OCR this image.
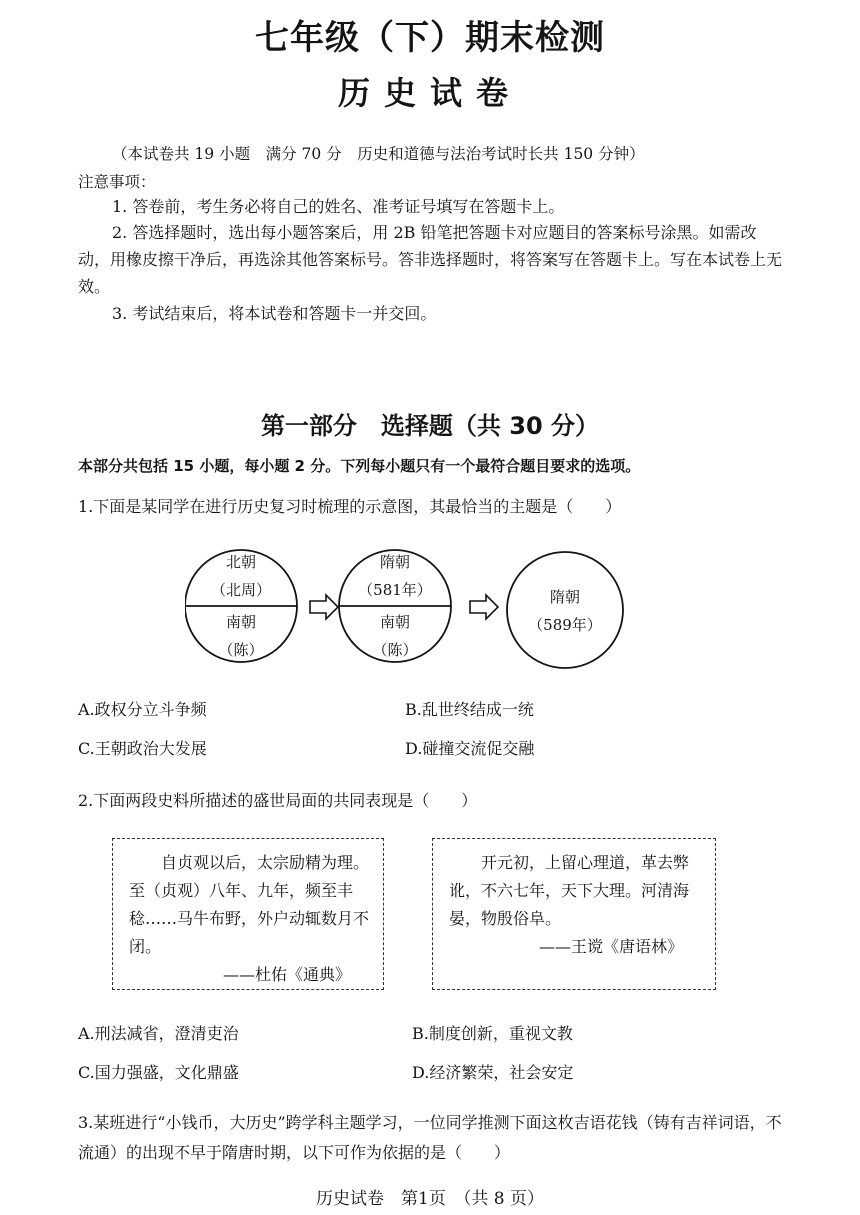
七年级（下）期末检测
历史试卷
（本试卷共 19 小题　满分 70 分　历史和道德与法治考试时长共 150 分钟）
注意事项：
1. 答卷前，考生务必将自己的姓名、准考证号填写在答题卡上。
2. 答选择题时，选出每小题答案后，用 2B 铅笔把答题卡对应题目的答案标号涂黑。如需改动，用橡皮擦干净后，再选涂其他答案标号。答非选择题时，将答案写在答题卡上。写在本试卷上无效。
3. 考试结束后，将本试卷和答题卡一并交回。
第一部分　选择题（共 30 分）
本部分共包括 15 小题，每小题 2 分。下列每小题只有一个最符合题目要求的选项。
1.下面是某同学在进行历史复习时梳理的示意图，其最恰当的主题是（　　）
北朝
（北周）
南朝
（陈）
隋朝
（581年）
南朝
（陈）
隋朝
（589年）
A.政权分立斗争频	B.乱世终结成一统
C.王朝政治大发展	D.碰撞交流促交融
2.下面两段史料所描述的盛世局面的共同表现是（　　）
自贞观以后，太宗励精为理。至（贞观）八年、九年，频至丰稔……马牛布野，外户动辄数月不闭。
——杜佑《通典》
开元初，上留心理道，革去弊讹，不六七年，天下大理。河清海晏，物殷俗阜。
——王谠《唐语林》
A.刑法减省，澄清吏治	B.制度创新，重视文教
C.国力强盛，文化鼎盛	D.经济繁荣，社会安定
3.某班进行“小钱币，大历史”跨学科主题学习，一位同学推测下面这枚吉语花钱（铸有吉祥词语，不流通）的出现不早于隋唐时期，以下可作为依据的是（　　）
历史试卷　第1页　（共 8 页）
